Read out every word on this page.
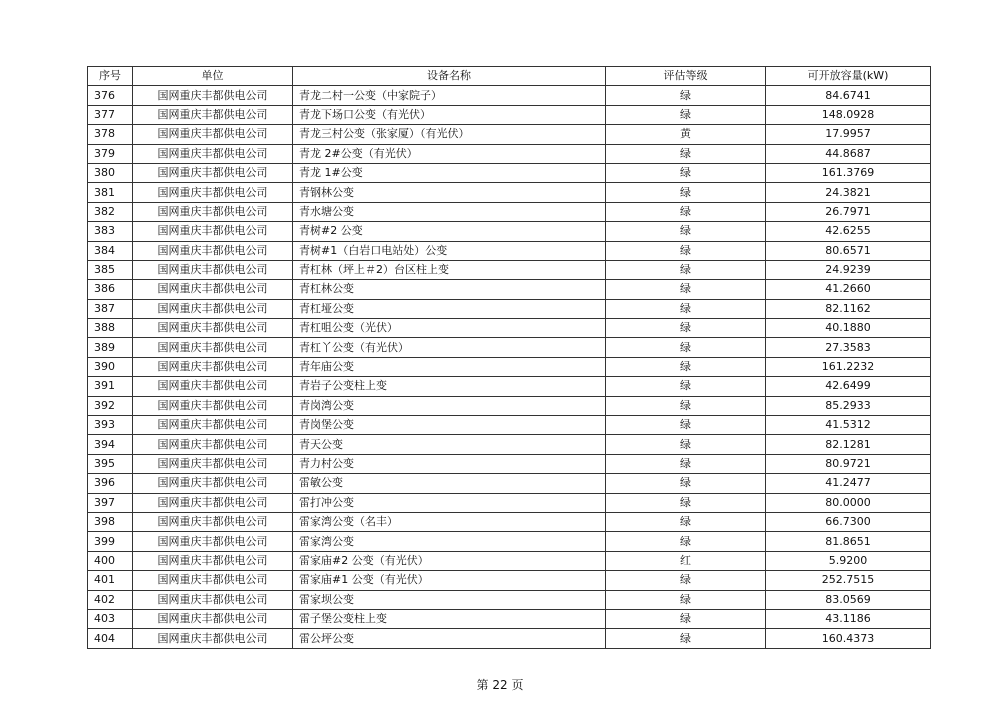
序号	单位	设备名称	评估等级	可开放容量(kW)
376	国网重庆丰都供电公司	青龙二村一公变（中家院子）	绿	84.6741
377	国网重庆丰都供电公司	青龙下场口公变（有光伏）	绿	148.0928
378	国网重庆丰都供电公司	青龙三村公变（张家厦）（有光伏）	黄	17.9957
379	国网重庆丰都供电公司	青龙 2#公变（有光伏）	绿	44.8687
380	国网重庆丰都供电公司	青龙 1#公变	绿	161.3769
381	国网重庆丰都供电公司	青钢林公变	绿	24.3821
382	国网重庆丰都供电公司	青水塘公变	绿	26.7971
383	国网重庆丰都供电公司	青树#2 公变	绿	42.6255
384	国网重庆丰都供电公司	青树#1（白岩口电站处）公变	绿	80.6571
385	国网重庆丰都供电公司	青杠林（坪上＃2）台区柱上变	绿	24.9239
386	国网重庆丰都供电公司	青杠林公变	绿	41.2660
387	国网重庆丰都供电公司	青杠垭公变	绿	82.1162
388	国网重庆丰都供电公司	青杠咀公变（光伏）	绿	40.1880
389	国网重庆丰都供电公司	青杠丫公变（有光伏）	绿	27.3583
390	国网重庆丰都供电公司	青年庙公变	绿	161.2232
391	国网重庆丰都供电公司	青岩子公变柱上变	绿	42.6499
392	国网重庆丰都供电公司	青岗湾公变	绿	85.2933
393	国网重庆丰都供电公司	青岗堡公变	绿	41.5312
394	国网重庆丰都供电公司	青天公变	绿	82.1281
395	国网重庆丰都供电公司	青力村公变	绿	80.9721
396	国网重庆丰都供电公司	雷敏公变	绿	41.2477
397	国网重庆丰都供电公司	雷打冲公变	绿	80.0000
398	国网重庆丰都供电公司	雷家湾公变（名丰）	绿	66.7300
399	国网重庆丰都供电公司	雷家湾公变	绿	81.8651
400	国网重庆丰都供电公司	雷家庙#2 公变（有光伏）	红	5.9200
401	国网重庆丰都供电公司	雷家庙#1 公变（有光伏）	绿	252.7515
402	国网重庆丰都供电公司	雷家坝公变	绿	83.0569
403	国网重庆丰都供电公司	雷子堡公变柱上变	绿	43.1186
404	国网重庆丰都供电公司	雷公坪公变	绿	160.4373
第 22 页
